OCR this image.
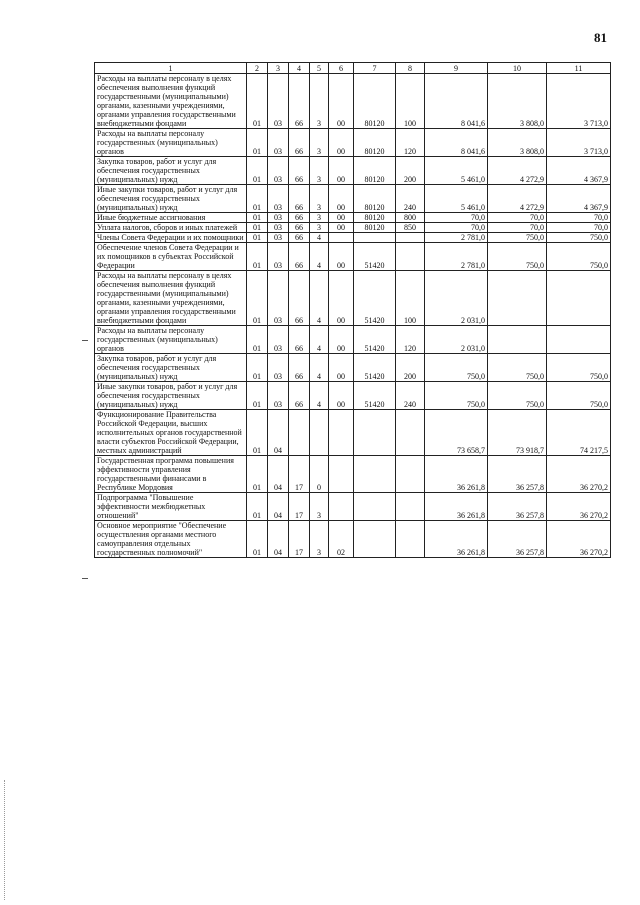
81
1	2	3	4	5	6	7	8	9	10	11
Расходы на выплаты персоналу в целях обеспечения выполнения функций государственными (муниципальными) органами, казенными учреждениями, органами управления государственными внебюджетными фондами	01	03	66	3	00	80120	100	8 041,6	3 808,0	3 713,0
Расходы на выплаты персоналу государственных (муниципальных) органов	01	03	66	3	00	80120	120	8 041,6	3 808,0	3 713,0
Закупка товаров, работ и услуг для обеспечения государственных (муниципальных) нужд	01	03	66	3	00	80120	200	5 461,0	4 272,9	4 367,9
Иные закупки товаров, работ и услуг для обеспечения государственных (муниципальных) нужд	01	03	66	3	00	80120	240	5 461,0	4 272,9	4 367,9
Иные бюджетные ассигнования	01	03	66	3	00	80120	800	70,0	70,0	70,0
Уплата налогов, сборов и иных платежей	01	03	66	3	00	80120	850	70,0	70,0	70,0
Члены Совета Федерации и их помощники	01	03	66	4				2 781,0	750,0	750,0
Обеспечение членов Совета Федерации и их помощников в субъектах Российской Федерации	01	03	66	4	00	51420		2 781,0	750,0	750,0
Расходы на выплаты персоналу в целях обеспечения выполнения функций государственными (муниципальными) органами, казенными учреждениями, органами управления государственными внебюджетными фондами	01	03	66	4	00	51420	100	2 031,0		
Расходы на выплаты персоналу государственных (муниципальных) органов	01	03	66	4	00	51420	120	2 031,0		
Закупка товаров, работ и услуг для обеспечения государственных (муниципальных) нужд	01	03	66	4	00	51420	200	750,0	750,0	750,0
Иные закупки товаров, работ и услуг для обеспечения государственных (муниципальных) нужд	01	03	66	4	00	51420	240	750,0	750,0	750,0
Функционирование Правительства Российской Федерации, высших исполнительных органов государственной власти субъектов Российской Федерации, местных администраций	01	04						73 658,7	73 918,7	74 217,5
Государственная программа повышения эффективности управления государственными финансами в Республике Мордовия	01	04	17	0				36 261,8	36 257,8	36 270,2
Подпрограмма "Повышение эффективности межбюджетных отношений"	01	04	17	3				36 261,8	36 257,8	36 270,2
Основное мероприятие "Обеспечение осуществления органами местного самоуправления отдельных государственных полномочий"	01	04	17	3	02			36 261,8	36 257,8	36 270,2
